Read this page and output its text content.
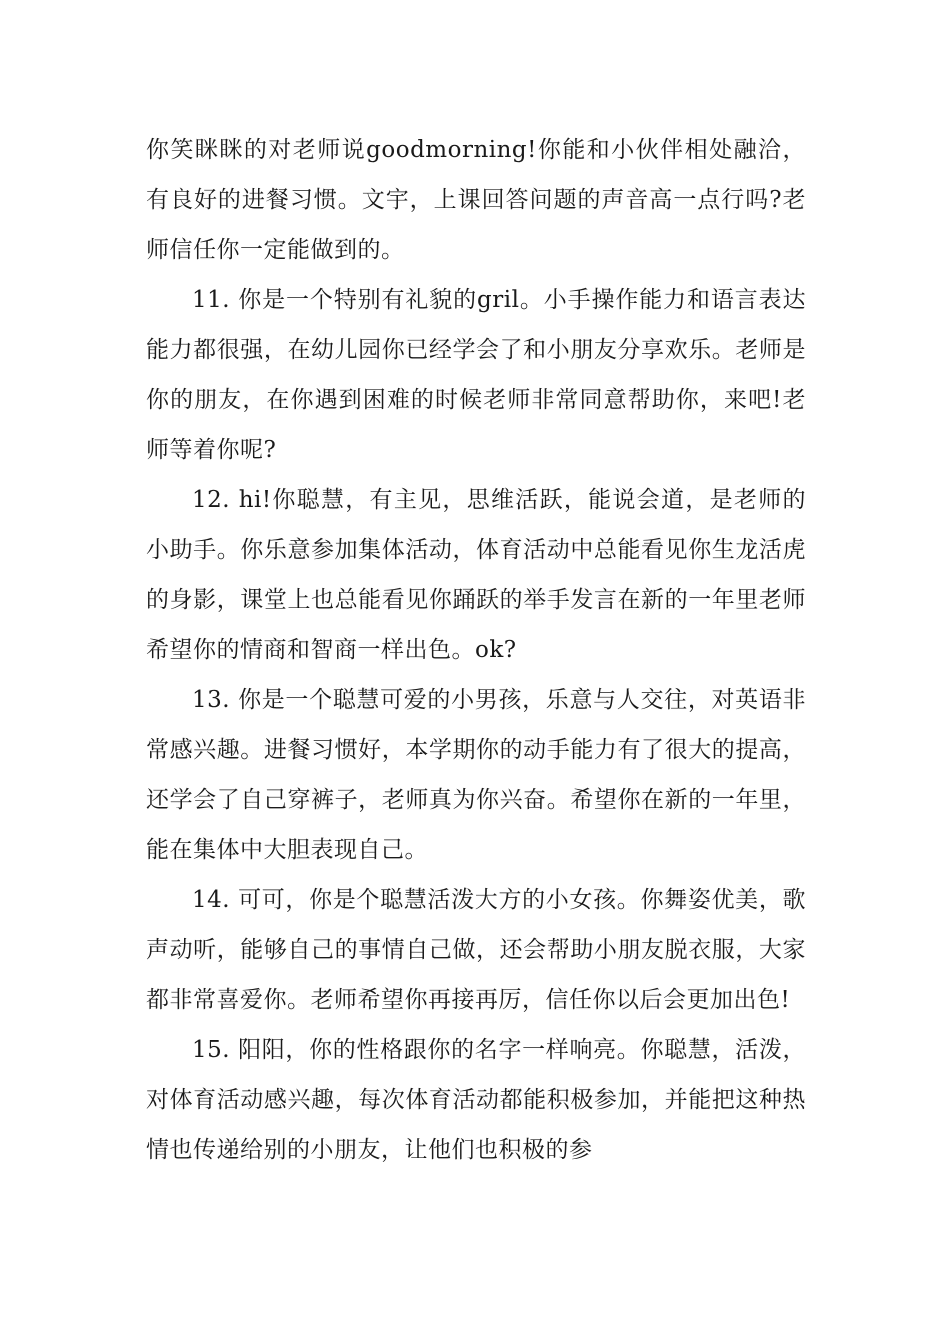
你笑眯眯的对老师说goodmorning!你能和小伙伴相处融洽，有良好的进餐习惯。文宇，上课回答问题的声音高一点行吗?老师信任你一定能做到的。

11. 你是一个特别有礼貌的gril。小手操作能力和语言表达能力都很强，在幼儿园你已经学会了和小朋友分享欢乐。老师是你的朋友，在你遇到困难的时候老师非常同意帮助你，来吧!老师等着你呢?

12. hi!你聪慧，有主见，思维活跃，能说会道，是老师的小助手。你乐意参加集体活动，体育活动中总能看见你生龙活虎的身影，课堂上也总能看见你踊跃的举手发言在新的一年里老师希望你的情商和智商一样出色。ok?

13. 你是一个聪慧可爱的小男孩，乐意与人交往，对英语非常感兴趣。进餐习惯好，本学期你的动手能力有了很大的提高，还学会了自己穿裤子，老师真为你兴奋。希望你在新的一年里，能在集体中大胆表现自己。

14. 可可，你是个聪慧活泼大方的小女孩。你舞姿优美，歌声动听，能够自己的事情自己做，还会帮助小朋友脱衣服，大家都非常喜爱你。老师希望你再接再厉，信任你以后会更加出色!

15. 阳阳，你的性格跟你的名字一样响亮。你聪慧，活泼，对体育活动感兴趣，每次体育活动都能积极参加，并能把这种热情也传递给别的小朋友，让他们也积极的参
